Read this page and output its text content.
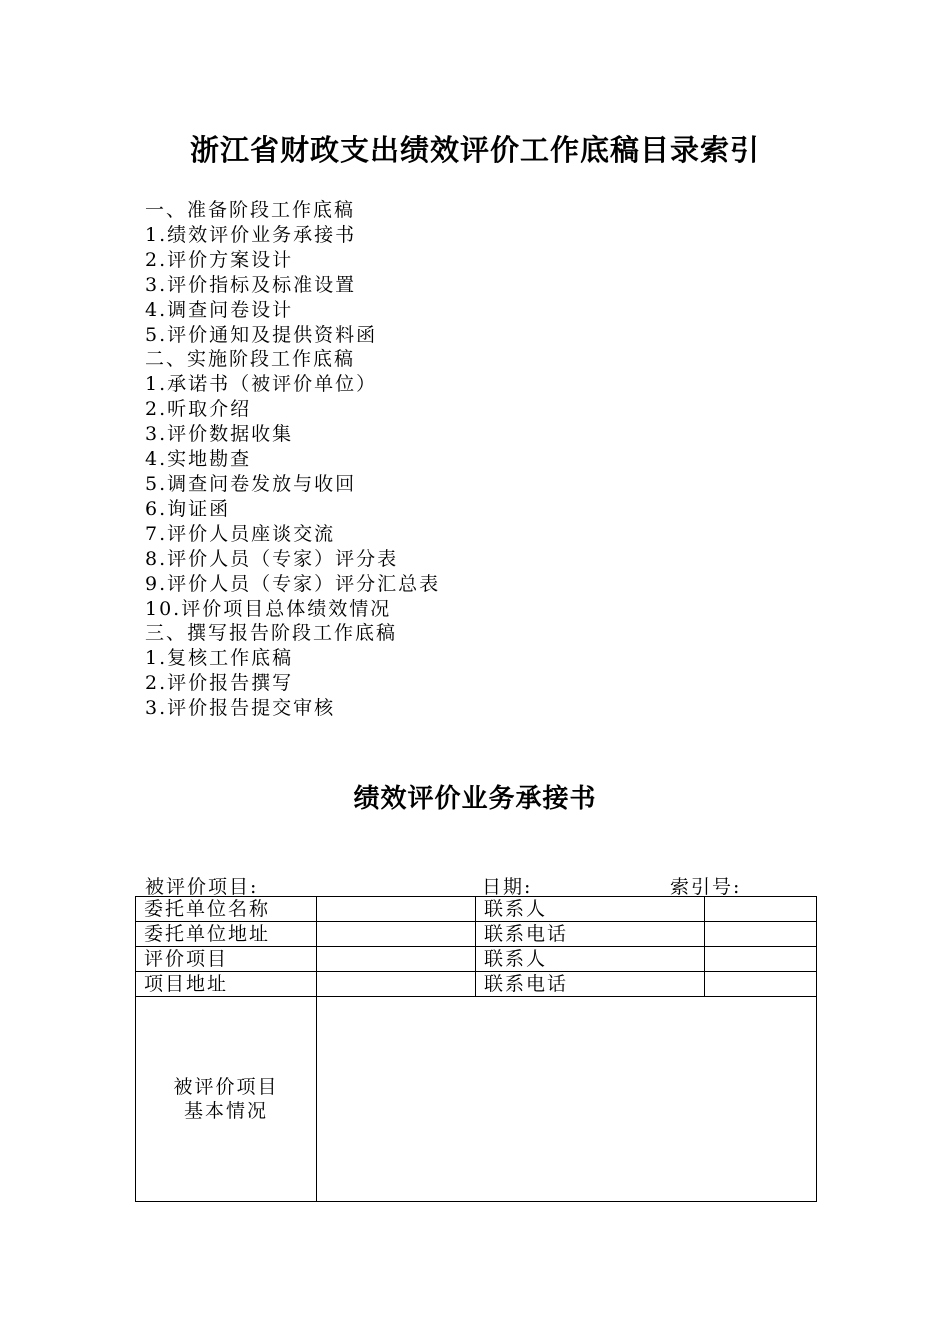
浙江省财政支出绩效评价工作底稿目录索引
一、准备阶段工作底稿
1.绩效评价业务承接书
2.评价方案设计
3.评价指标及标准设置
4.调查问卷设计
5.评价通知及提供资料函
二、实施阶段工作底稿
1.承诺书（被评价单位）
2.听取介绍
3.评价数据收集
4.实地勘查
5.调查问卷发放与收回
6.询证函
7.评价人员座谈交流
8.评价人员（专家）评分表
9.评价人员（专家）评分汇总表
10.评价项目总体绩效情况
三、撰写报告阶段工作底稿
1.复核工作底稿
2.评价报告撰写
3.评价报告提交审核
绩效评价业务承接书
被评价项目:	日期:	索引号:
委托单位名称		联系人	
委托单位地址		联系电话	
评价项目		联系人	
项目地址		联系电话	
被评价项目
基本情况			
